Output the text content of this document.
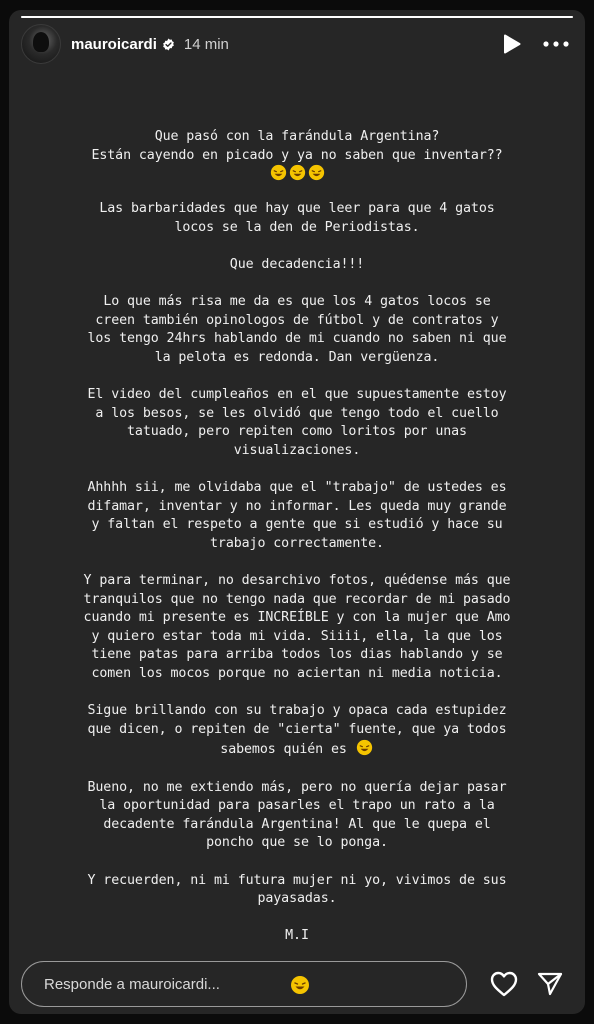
mauroicardi 14 min
Que pasó con la farándula Argentina?
Están cayendo en picado y ya no saben que inventar??
Las barbaridades que hay que leer para que 4 gatos
locos se la den de Periodistas.
Que decadencia!!!
Lo que más risa me da es que los 4 gatos locos se
creen también opinologos de fútbol y de contratos y
los tengo 24hrs hablando de mi cuando no saben ni que
la pelota es redonda. Dan vergüenza.
El video del cumpleaños en el que supuestamente estoy
a los besos, se les olvidó que tengo todo el cuello
tatuado, pero repiten como loritos por unas
visualizaciones.
Ahhhh sii, me olvidaba que el "trabajo" de ustedes es
difamar, inventar y no informar. Les queda muy grande
y faltan el respeto a gente que si estudió y hace su
trabajo correctamente.
Y para terminar, no desarchivo fotos, quédense más que
tranquilos que no tengo nada que recordar de mi pasado
cuando mi presente es INCREÍBLE y con la mujer que Amo
y quiero estar toda mi vida. Siiii, ella, la que los
tiene patas para arriba todos los dias hablando y se
comen los mocos porque no aciertan ni media noticia.
Sigue brillando con su trabajo y opaca cada estupidez
que dicen, o repiten de "cierta" fuente, que ya todos
sabemos quién es
Bueno, no me extiendo más, pero no quería dejar pasar
la oportunidad para pasarles el trapo un rato a la
decadente farándula Argentina! Al que le quepa el
poncho que se lo ponga.
Y recuerden, ni mi futura mujer ni yo, vivimos de sus
payasadas.
M.I
Responde a mauroicardi...
